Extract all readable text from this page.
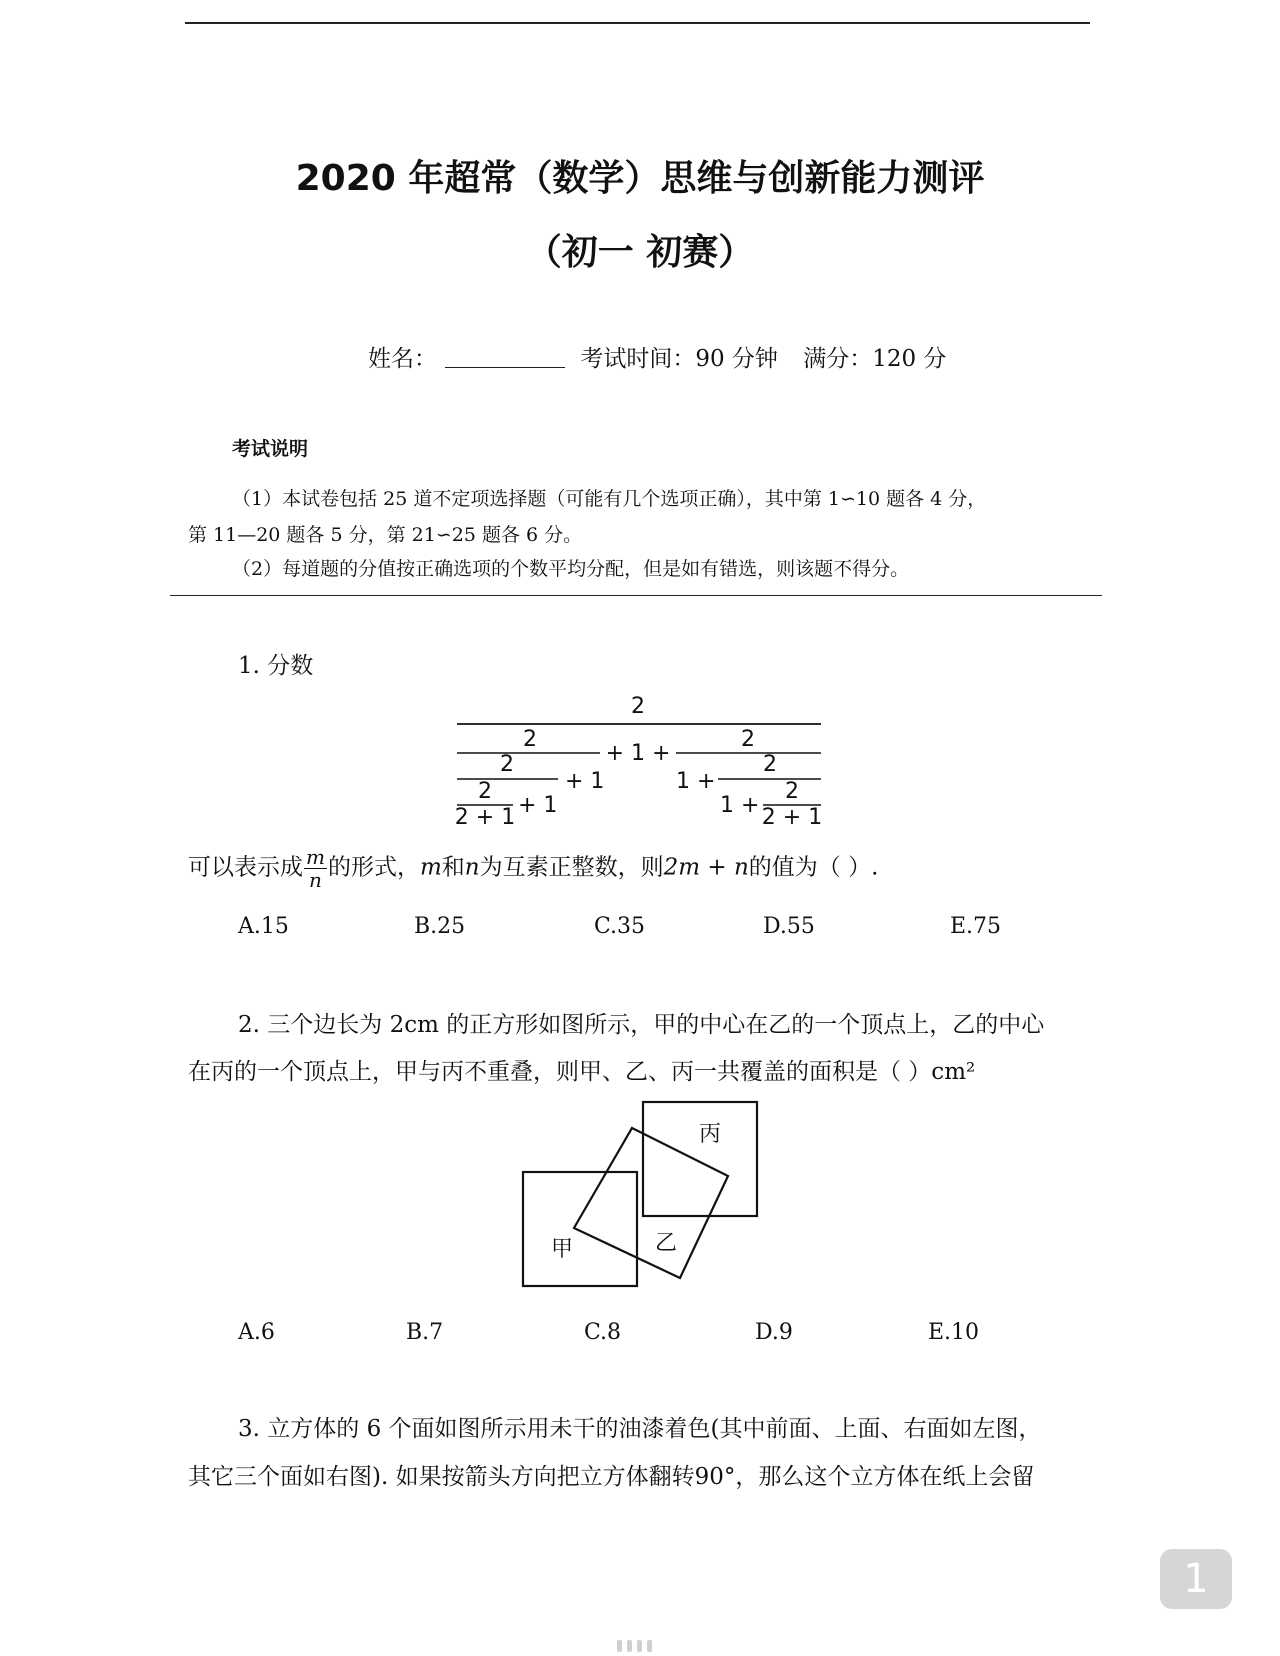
2020 年超常（数学）思维与创新能力测评
（初一 初赛）
姓名：	考试时间：90 分钟 满分：120 分
考试说明
（1）本试卷包括 25 道不定项选择题（可能有几个选项正确），其中第 1∽10 题各 4 分，
第 11—20 题各 5 分，第 21∽25 题各 6 分。
（2）每道题的分值按正确选项的个数平均分配，但是如有错选，则该题不得分。
1. 分数
2
2
2
+ 1
2
2 + 1 + 1
+ 1 +
2
1 +
2
1 +
2
2 + 1
可以表示成 $\frac{m}{n}$ 的形式，m和n为互素正整数，则2m + n的值为（ ）.
A.15	B.25	C.35	D.55	E.75
2. 三个边长为 2cm 的正方形如图所示，甲的中心在乙的一个顶点上，乙的中心
在丙的一个顶点上，甲与丙不重叠，则甲、乙、丙一共覆盖的面积是（ ）cm²
甲	乙
丙
A.6	B.7	C.8	D.9	E.10
3. 立方体的 6 个面如图所示用未干的油漆着色(其中前面、上面、右面如左图，
其它三个面如右图). 如果按箭头方向把立方体翻转90°，那么这个立方体在纸上会留
1
